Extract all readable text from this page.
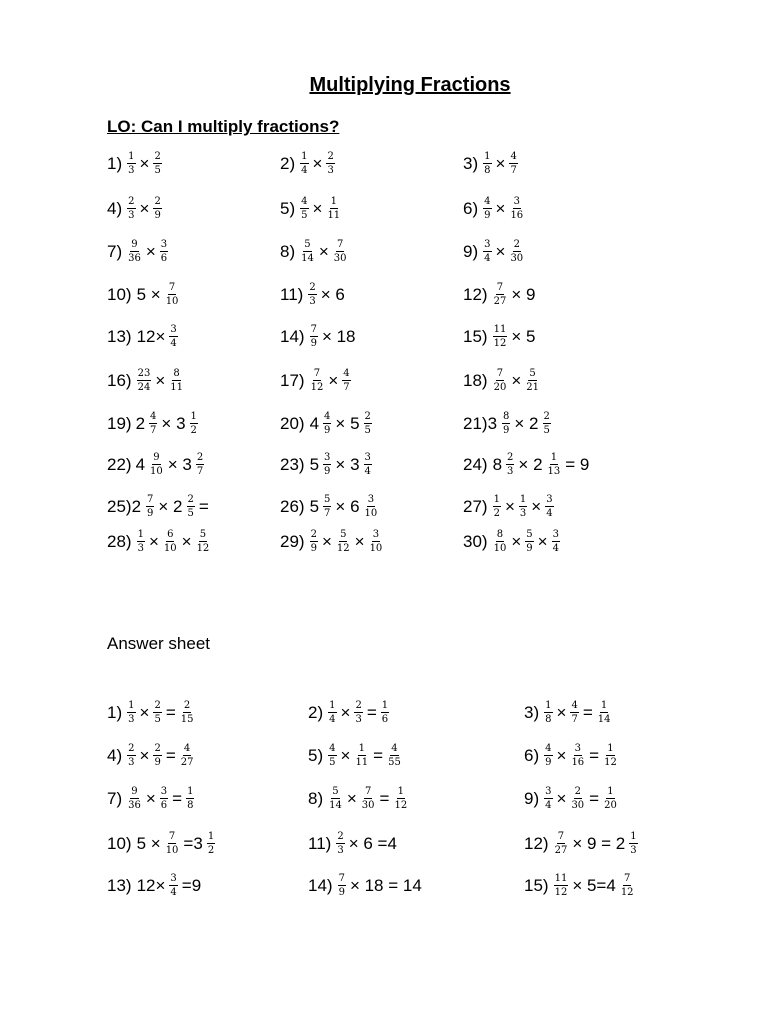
Multiplying Fractions
LO: Can I multiply fractions?
Answer sheet
$1) \frac{1}{3} \times \frac{2}{5}$	$2) \frac{1}{4} \times \frac{2}{3}$	$3) \frac{1}{8} \times \frac{4}{7}$
$4) \frac{2}{3} \times \frac{2}{9}$	$5) \frac{4}{5} \times \frac{1}{11}$	$6) \frac{4}{9} \times \frac{3}{16}$
$7) \frac{9}{36} \times \frac{3}{6}$	$8) \frac{5}{14} \times \frac{7}{30}$	$9) \frac{3}{4} \times \frac{2}{30}$
10) $5 \times \frac{7}{10}$	$11) \frac{2}{3} \times 6$	$12) \frac{7}{27} \times 9$
13) $12\times \frac{3}{4}$	$14) \frac{7}{9} \times 18$	$15) \frac{11}{12} \times 5$
$16) \frac{23}{24} \times \frac{8}{11}$	$17) \frac{7}{12} \times \frac{4}{7}$	$18) \frac{7}{20} \times \frac{5}{21}$
19) $2 \frac{4}{7} \times 3 \frac{1}{2}$	20) $4 \frac{4}{9} \times 5 \frac{2}{5}$	$21)3 \frac{8}{9} \times 2 \frac{2}{5}$
22) $4 \frac{9}{10} \times 3 \frac{2}{7}$	23) $5 \frac{3}{9} \times 3 \frac{3}{4}$	24) $8 \frac{2}{3} \times 2 \frac{1}{13} = 9$
$25)2 \frac{7}{9} \times 2 \frac{2}{5}$ =	26) $5 \frac{5}{7} \times 6 \frac{3}{10}$	$27) \frac{1}{2} \times \frac{1}{3} \times \frac{3}{4}$
$28) \frac{1}{3} \times \frac{6}{10} \times \frac{5}{12}$	$29) \frac{2}{9} \times \frac{5}{12} \times \frac{3}{10}$	$30) \frac{8}{10} \times \frac{5}{9} \times \frac{3}{4}$
$1) \frac{1}{3} \times \frac{2}{5} = \frac{2}{15}$	$2) \frac{1}{4} \times \frac{2}{3} = \frac{1}{6}$	$3) \frac{1}{8} \times \frac{4}{7} = \frac{1}{14}$
$4) \frac{2}{3} \times \frac{2}{9} = \frac{4}{27}$	$5) \frac{4}{5} \times \frac{1}{11} = \frac{4}{55}$	$6) \frac{4}{9} \times \frac{3}{16} = \frac{1}{12}$
$7) \frac{9}{36} \times \frac{3}{6} = \frac{1}{8}$	$8) \frac{5}{14} \times \frac{7}{30} = \frac{1}{12}$	$9) \frac{3}{4} \times \frac{2}{30} = \frac{1}{20}$
10) $5 \times \frac{7}{10} =3 \frac{1}{2}$	$11) \frac{2}{3} \times 6 =4$	$12) \frac{7}{27} \times 9 = 2 \frac{1}{3}$
13) $12\times \frac{3}{4} =9$	$14) \frac{7}{9} \times 18 = 14$	$15) \frac{11}{12} \times 5=4 \frac{7}{12}$
